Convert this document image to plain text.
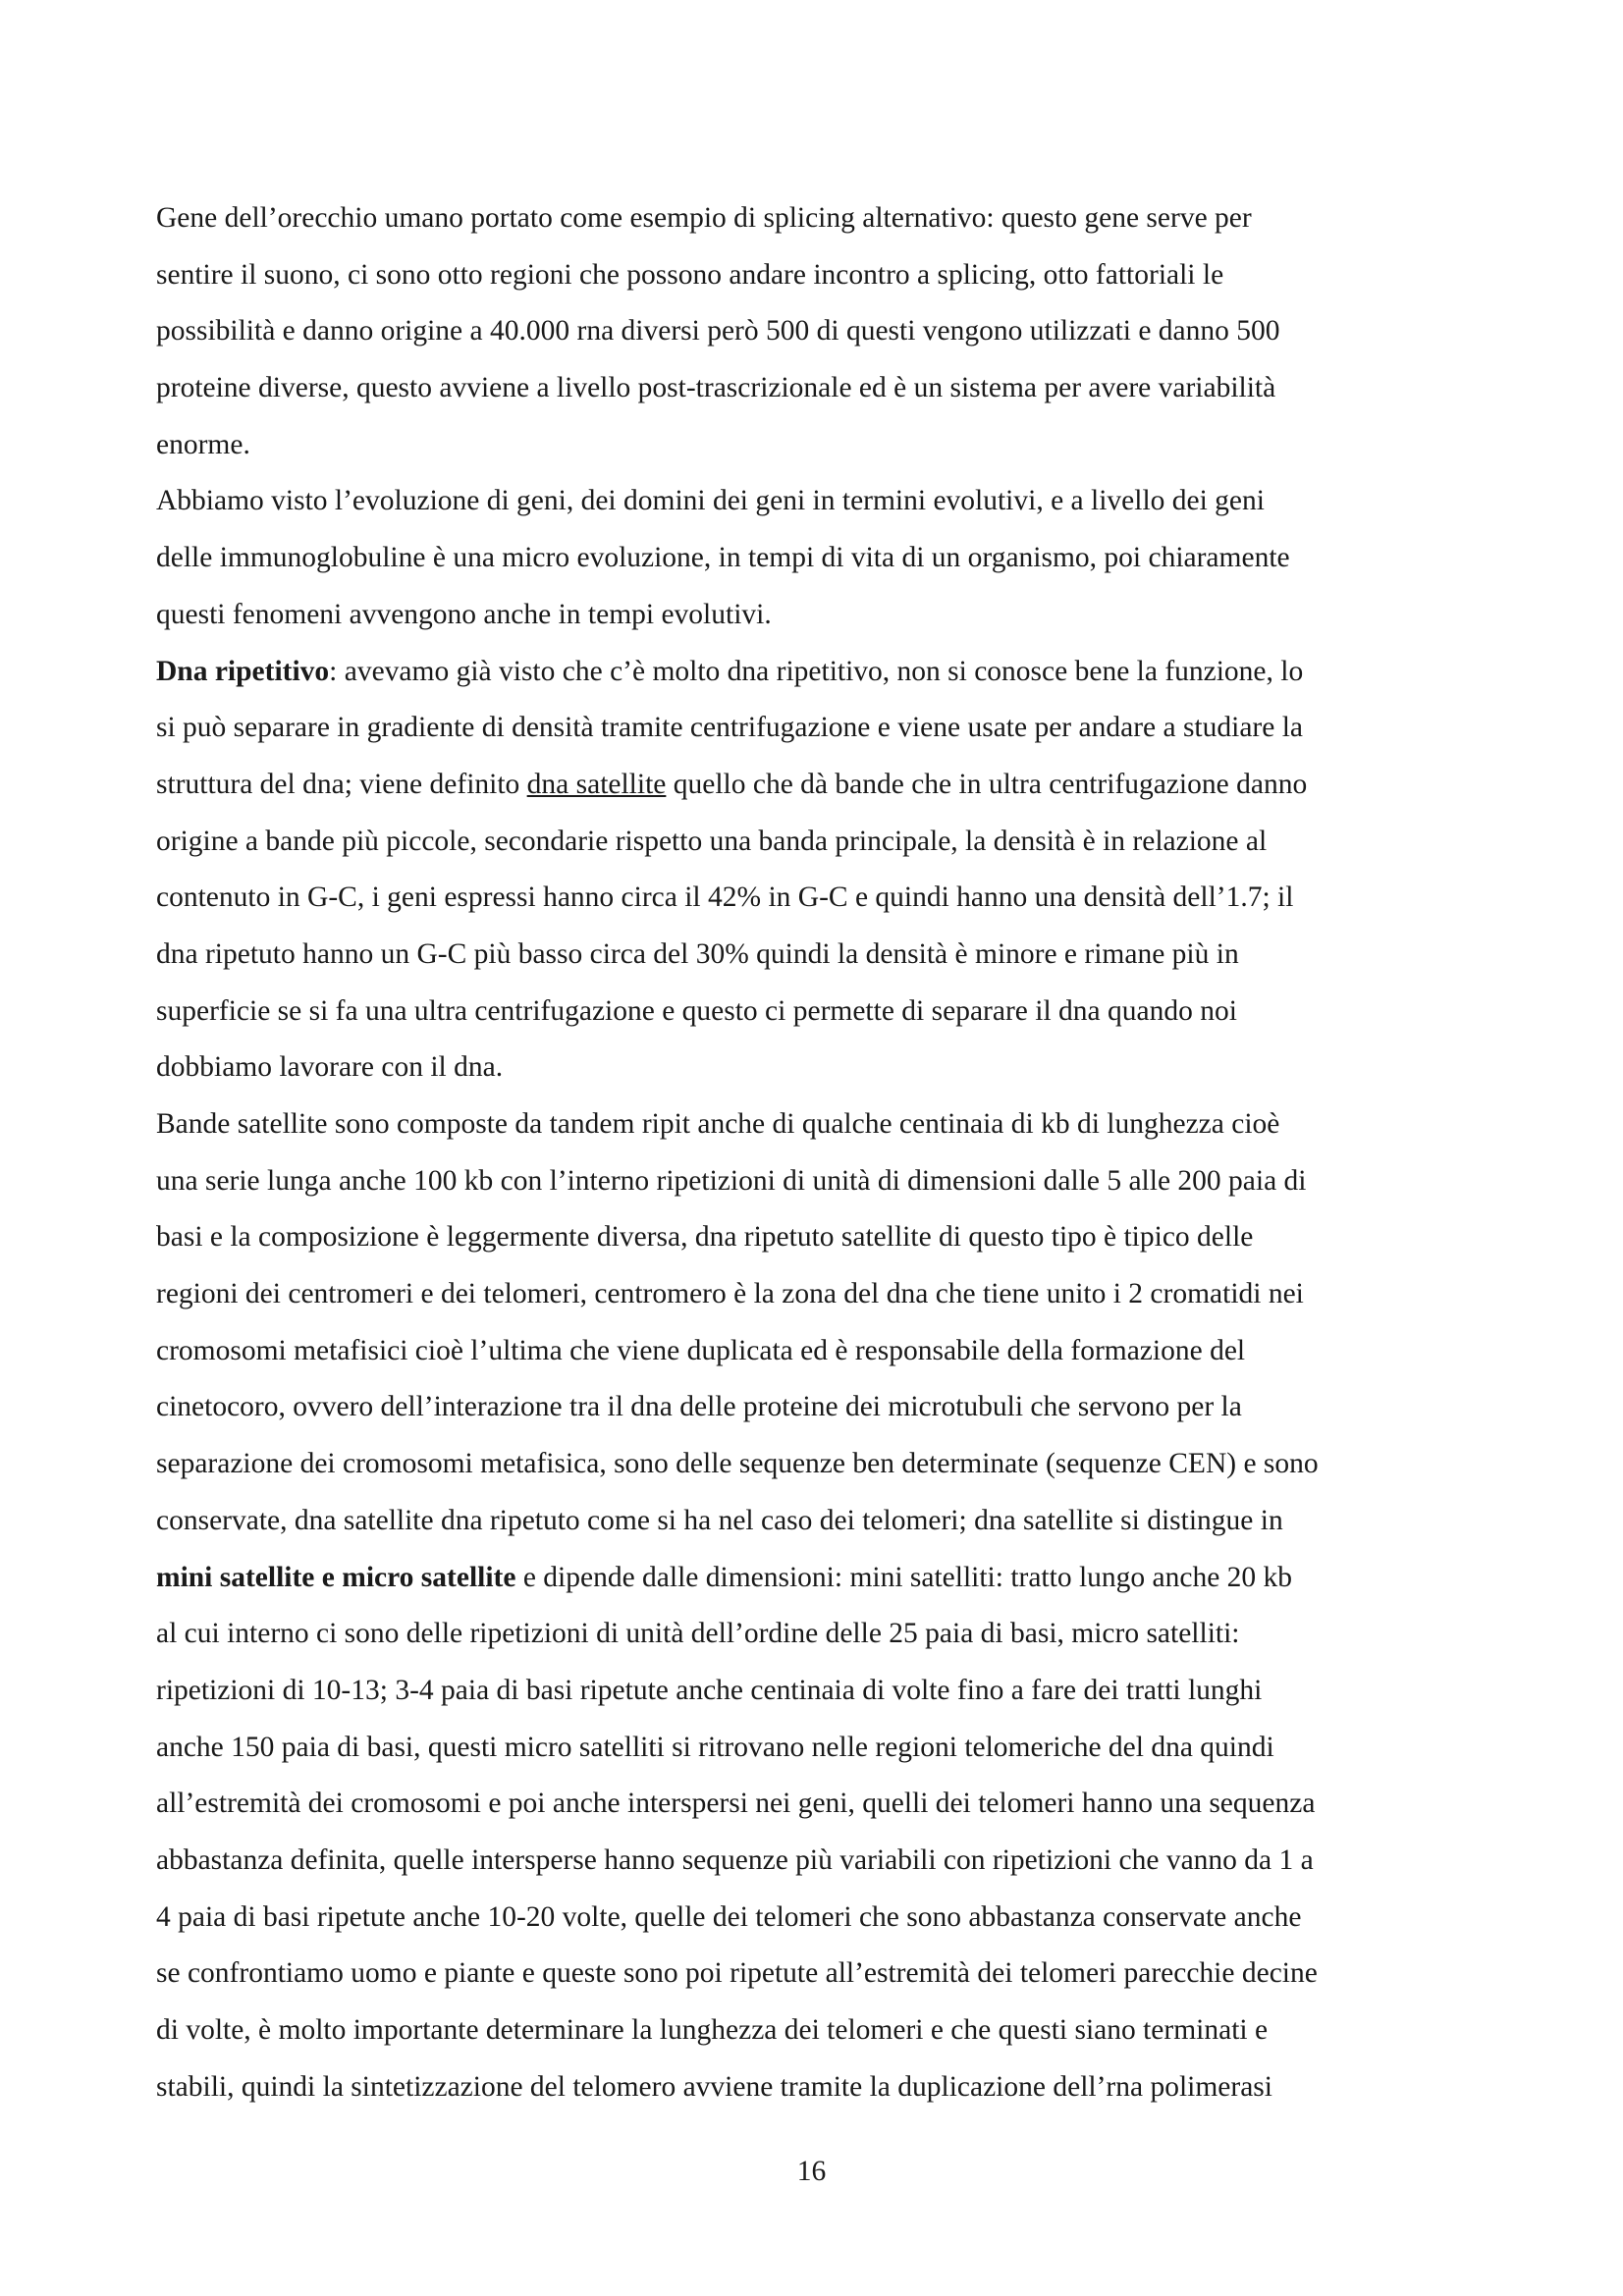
Gene dell’orecchio umano portato come esempio di splicing alternativo: questo gene serve per
sentire il suono, ci sono otto regioni che possono andare incontro a splicing, otto fattoriali le
possibilità e danno origine a 40.000 rna diversi però 500 di questi vengono utilizzati e danno 500
proteine diverse, questo avviene a livello post-trascrizionale ed è un sistema per avere variabilità
enorme.
Abbiamo visto l’evoluzione di geni, dei domini dei geni in termini evolutivi, e a livello dei geni
delle immunoglobuline è una micro evoluzione, in tempi di vita di un organismo, poi chiaramente
questi fenomeni avvengono anche in tempi evolutivi.
Dna ripetitivo: avevamo già visto che c’è molto dna ripetitivo, non si conosce bene la funzione, lo
si può separare in gradiente di densità tramite centrifugazione e viene usate per andare a studiare la
struttura del dna; viene definito dna satellite quello che dà bande che in ultra centrifugazione danno
origine a bande più piccole, secondarie rispetto una banda principale, la densità è in relazione al
contenuto in G-C, i geni espressi hanno circa il 42% in G-C e quindi hanno una densità dell’1.7; il
dna ripetuto hanno un G-C più basso circa del 30% quindi la densità è minore e rimane più in
superficie se si fa una ultra centrifugazione e questo ci permette di separare il dna quando noi
dobbiamo lavorare con il dna.
Bande satellite sono composte da tandem ripit anche di qualche centinaia di kb di lunghezza cioè
una serie lunga anche 100 kb con l’interno ripetizioni di unità di dimensioni dalle 5 alle 200 paia di
basi e la composizione è leggermente diversa, dna ripetuto satellite di questo tipo è tipico delle
regioni dei centromeri e dei telomeri, centromero è la zona del dna che tiene unito i 2 cromatidi nei
cromosomi metafisici cioè l’ultima che viene duplicata ed è responsabile della formazione del
cinetocoro, ovvero dell’interazione tra il dna delle proteine dei microtubuli che servono per la
separazione dei cromosomi metafisica, sono delle sequenze ben determinate (sequenze CEN) e sono
conservate, dna satellite dna ripetuto come si ha nel caso dei telomeri; dna satellite si distingue in
mini satellite e micro satellite e dipende dalle dimensioni: mini satelliti: tratto lungo anche 20 kb
al cui interno ci sono delle ripetizioni di unità dell’ordine delle 25 paia di basi, micro satelliti:
ripetizioni di 10-13; 3-4 paia di basi ripetute anche centinaia di volte fino a fare dei tratti lunghi
anche 150 paia di basi, questi micro satelliti si ritrovano nelle regioni telomeriche del dna quindi
all’estremità dei cromosomi e poi anche interspersi nei geni, quelli dei telomeri hanno una sequenza
abbastanza definita, quelle intersperse hanno sequenze più variabili con ripetizioni che vanno da 1 a
4 paia di basi ripetute anche 10-20 volte, quelle dei telomeri che sono abbastanza conservate anche
se confrontiamo uomo e piante e queste sono poi ripetute all’estremità dei telomeri parecchie decine
di volte, è molto importante determinare la lunghezza dei telomeri e che questi siano terminati e
stabili, quindi la sintetizzazione del telomero avviene tramite la duplicazione dell’rna polimerasi
16
